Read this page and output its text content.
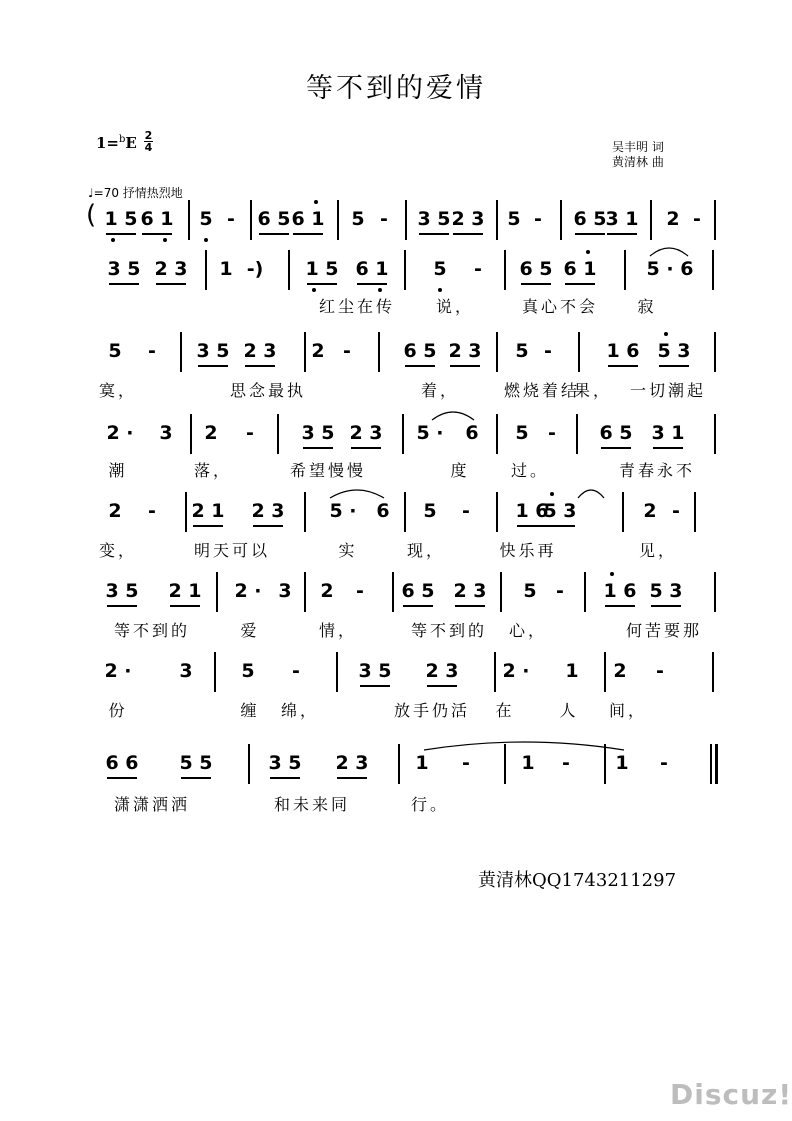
等不到的爱情
1=$^b$E 2
4	吴丰明 词
黄清林 曲
♩=70 抒情热烈地
( 1 5 6 1 5 - 6 5 6 1 5 - 3 5 2 3 5 - 6 5
3 1 2 -
3 5 2 3 1 -) 1 5 6 1 5 - 6 5 6 1	5 · 6
红尘在传	说，	真心不会 寂
5 - 3 5 2 3 2 -	6 5 2 3 5 -	1 6 5 3
寞，	思念最执	着，	燃烧着结
果， 一切潮起
2 · 3 2 -	3 5 2 3 5 · 6 5 - 6 5 3 1
潮	落，	希望慢慢	度	过。	青春永不
2 - 2 1 2 3 5 · 6 5 - 1 6
5 3	2 -
变，	明天可以	实	现，	快乐再	见，
3 5 2 1 2 · 3 2 - 6 5 2 3 5 - 1 6 5 3
等不到的	爱	情，	等不到的 心，	何苦要那
2 ·	3	5 -	3 5 2 3 2 · 1 2 -
份	缠 绵，	放手仍活 在	人 间，
6 6 5 5	3 5 2 3 1 -	1 - 1 -
潇潇洒洒	和未来同	行。
黄清林QQ1743211297
Discuz!
